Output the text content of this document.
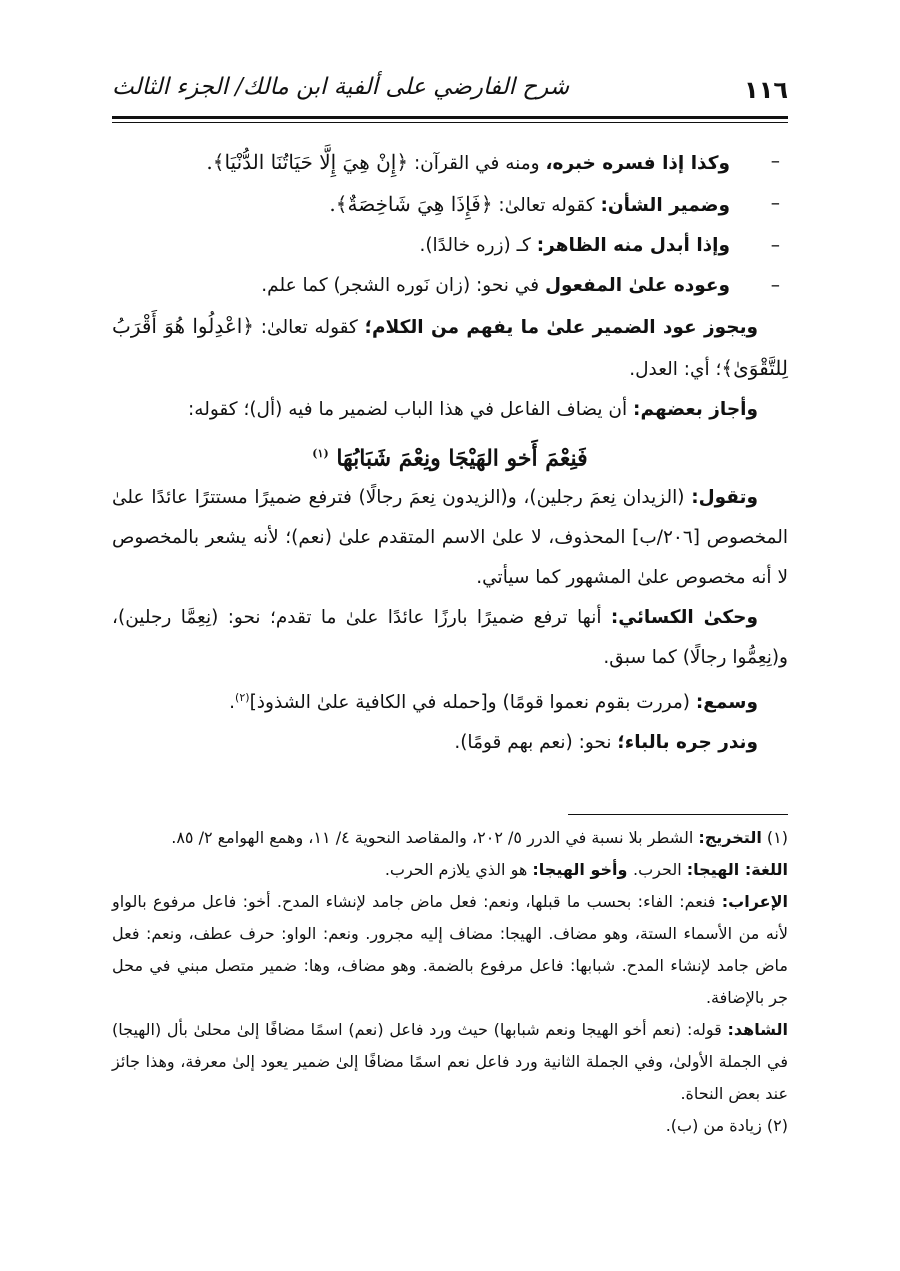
١١٦
شرح الفارضي على ألفية ابن مالك/ الجزء الثالث

–
وكذا إذا فسره خبره، ومنه في القرآن: ﴿إِنْ هِيَ إِلَّا حَيَاتُنَا الدُّنْيَا﴾.

–
وضمير الشأن: كقوله تعالىٰ: ﴿فَإِذَا هِيَ شَاخِصَةٌ﴾.

–
وإذا أبدل منه الظاهر: كـ (زره خالدًا).

–
وعوده علىٰ المفعول في نحو: (زان نَوره الشجر) كما علم.

ويجوز عود الضمير علىٰ ما يفهم من الكلام؛ كقوله تعالىٰ: ﴿اعْدِلُوا هُوَ أَقْرَبُ لِلتَّقْوَىٰ﴾؛ أي: العدل.

وأجاز بعضهم: أن يضاف الفاعل في هذا الباب لضمير ما فيه (أل)؛ كقوله:

فَنِعْمَ أَخو الهَيْجَا ونِعْمَ شَبَابُهَا $^{(١)}$

وتقول: (الزيدان نِعمَ رجلين)، و(الزيدون نِعمَ رجالًا) فترفع ضميرًا مستترًا عائدًا علىٰ المخصوص [٢٠٦/ب] المحذوف، لا علىٰ الاسم المتقدم علىٰ (نعم)؛ لأنه يشعر بالمخصوص لا أنه مخصوص علىٰ المشهور كما سيأتي.

وحكىٰ الكسائي: أنها ترفع ضميرًا بارزًا عائدًا علىٰ ما تقدم؛ نحو: (نِعِمَّا رجلين)، و(نِعِمُّوا رجالًا) كما سبق.

وسمع: (مررت بقوم نعموا قومًا) و[حمله في الكافية علىٰ الشذوذ]$^{(٢)}$.

وندر جره بالباء؛ نحو: (نعم بهم قومًا).

(١) التخريج: الشطر بلا نسبة في الدرر ٥/ ٢٠٢، والمقاصد النحوية ٤/ ١١، وهمع الهوامع ٢/ ٨٥.

اللغة: الهيجا: الحرب. وأخو الهيجا: هو الذي يلازم الحرب.

الإعراب: فنعم: الفاء: بحسب ما قبلها، ونعم: فعل ماض جامد لإنشاء المدح. أخو: فاعل مرفوع بالواو لأنه من الأسماء الستة، وهو مضاف. الهيجا: مضاف إليه مجرور. ونعم: الواو: حرف عطف، ونعم: فعل ماض جامد لإنشاء المدح. شبابها: فاعل مرفوع بالضمة. وهو مضاف، وها: ضمير متصل مبني في محل جر بالإضافة.

الشاهد: قوله: (نعم أخو الهيجا ونعم شبابها) حيث ورد فاعل (نعم) اسمًا مضافًا إلىٰ محلىٰ بأل (الهيجا) في الجملة الأولىٰ، وفي الجملة الثانية ورد فاعل نعم اسمًا مضافًا إلىٰ ضمير يعود إلىٰ معرفة، وهذا جائز عند بعض النحاة.

(٢) زيادة من (ب).
